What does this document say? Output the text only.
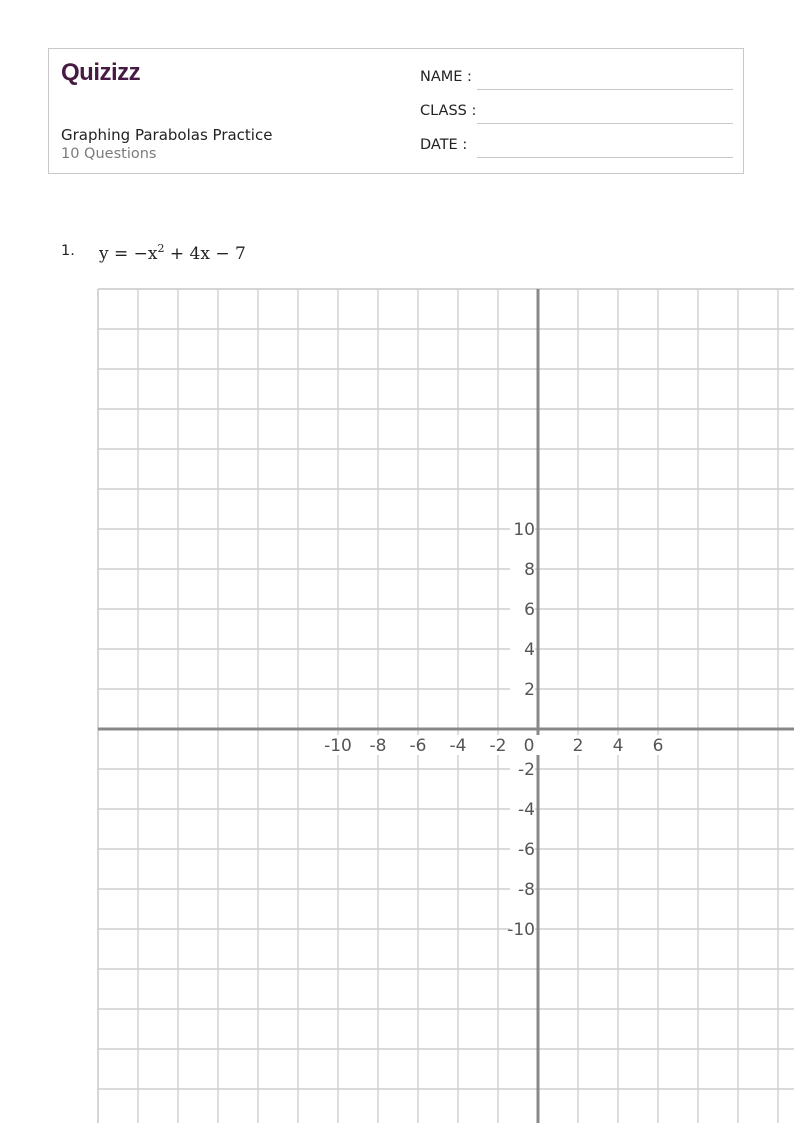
Quizizz
Graphing Parabolas Practice
10 Questions
NAME :
CLASS :
DATE :
1. $y = -x^2 + 4x - 7$
-10 -8 -6 -4 -2 0 2 4 6
10
8
6
4
2
-2
-4
-6
-8
-10
